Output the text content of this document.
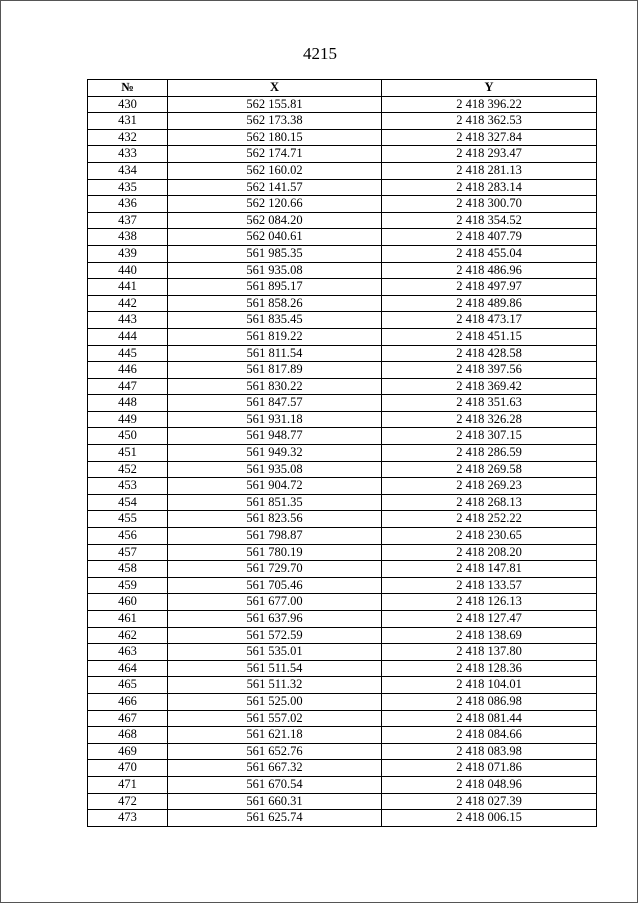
4215
№	X	Y
430	562 155.81	2 418 396.22
431	562 173.38	2 418 362.53
432	562 180.15	2 418 327.84
433	562 174.71	2 418 293.47
434	562 160.02	2 418 281.13
435	562 141.57	2 418 283.14
436	562 120.66	2 418 300.70
437	562 084.20	2 418 354.52
438	562 040.61	2 418 407.79
439	561 985.35	2 418 455.04
440	561 935.08	2 418 486.96
441	561 895.17	2 418 497.97
442	561 858.26	2 418 489.86
443	561 835.45	2 418 473.17
444	561 819.22	2 418 451.15
445	561 811.54	2 418 428.58
446	561 817.89	2 418 397.56
447	561 830.22	2 418 369.42
448	561 847.57	2 418 351.63
449	561 931.18	2 418 326.28
450	561 948.77	2 418 307.15
451	561 949.32	2 418 286.59
452	561 935.08	2 418 269.58
453	561 904.72	2 418 269.23
454	561 851.35	2 418 268.13
455	561 823.56	2 418 252.22
456	561 798.87	2 418 230.65
457	561 780.19	2 418 208.20
458	561 729.70	2 418 147.81
459	561 705.46	2 418 133.57
460	561 677.00	2 418 126.13
461	561 637.96	2 418 127.47
462	561 572.59	2 418 138.69
463	561 535.01	2 418 137.80
464	561 511.54	2 418 128.36
465	561 511.32	2 418 104.01
466	561 525.00	2 418 086.98
467	561 557.02	2 418 081.44
468	561 621.18	2 418 084.66
469	561 652.76	2 418 083.98
470	561 667.32	2 418 071.86
471	561 670.54	2 418 048.96
472	561 660.31	2 418 027.39
473	561 625.74	2 418 006.15
